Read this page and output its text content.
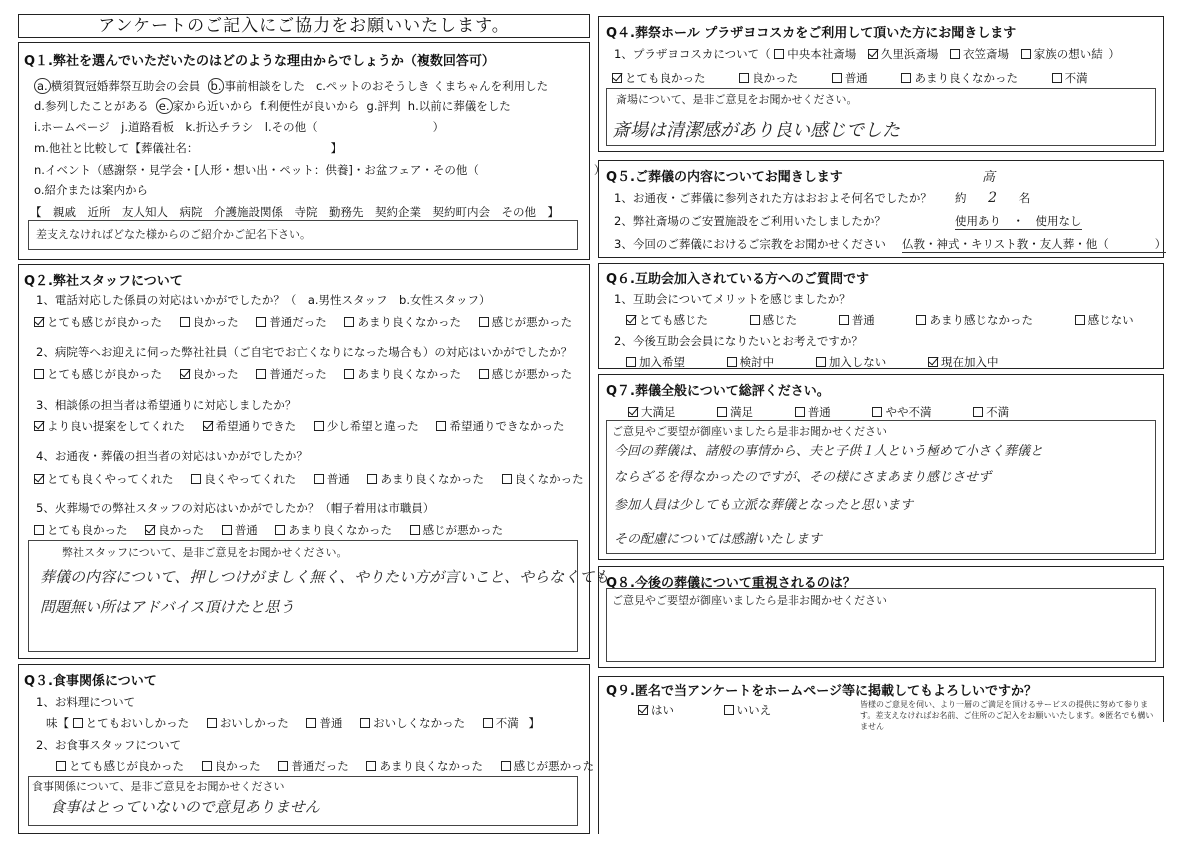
アンケートのご記入にご協力をお願いいたします。
Q１.弊社を選んでいただいたのはどのような理由からでしょうか（複数回答可）
a. 横須賀冠婚葬祭互助会の会員 b. 事前相談をした c.ペットのおそうしき くまちゃんを利用した
d.参列したことがある e. 家から近いから f.利便性が良いから g.評判 h.以前に葬儀をした
i.ホームページ　j.道路看板　k.折込チラシ　l.その他（　　　　　　　　　　）
m.他社と比較して【葬儀社名：　　　　　　　　　　　　】
n.イベント（感謝祭・見学会・[人形・想い出・ペット：供養]・お盆フェア・その他（　　　　　　　　　　）
o.紹介または案内から
【　親戚　近所　友人知人　病院　介護施設関係　寺院　勤務先　契約企業　契約町内会　その他　】
差支えなければどなた様からのご紹介かご記名下さい。
Q２.弊社スタッフについて
1、電話対応した係員の対応はいかがでしたか？（　a.男性スタッフ　b.女性スタッフ）
とても感じが良かった	良かった	普通だった	あまり良くなかった	感じが悪かった
2、病院等へお迎えに伺った弊社社員（ご自宅でお亡くなりになった場合も）の対応はいかがでしたか？
とても感じが良かった	良かった	普通だった	あまり良くなかった	感じが悪かった
3、相談係の担当者は希望通りに対応しましたか？
より良い提案をしてくれた	希望通りできた	少し希望と違った	希望通りできなかった
4、お通夜・葬儀の担当者の対応はいかがでしたか？
とても良くやってくれた	良くやってくれた	普通	あまり良くなかった	良くなかった
5、火葬場での弊社スタッフの対応はいかがでしたか？（帽子着用は市職員）
とても良かった	良かった	普通	あまり良くなかった	感じが悪かった
弊社スタッフについて、是非ご意見をお聞かせください。
葬儀の内容について、押しつけがましく無く、やりたい方が言いこと、やらなくても
問題無い所はアドバイス頂けたと思う
Q３.食事関係について
1、お料理について
味【 とてもおいしかった	おいしかった	普通	おいしくなかった	不満 】
2、お食事スタッフについて
とても感じが良かった	良かった	普通だった	あまり良くなかった	感じが悪かった
食事関係について、是非ご意見をお聞かせください
食事はとっていないので意見ありません
Q４.葬祭ホール プラザヨコスカをご利用して頂いた方にお聞きします
1、プラザヨコスカについて（ 中央本社斎場 久里浜斎場 衣笠斎場 家族の想い結 ）
とても良かった	良かった	普通	あまり良くなかった	不満
斎場について、是非ご意見をお聞かせください。
斎場は清潔感があり良い感じでした
Q５.ご葬儀の内容についてお聞きします
1、お通夜・ご葬儀に参列された方はおおよそ何名でしたか？ 約 2 名
高
2、弊社斎場のご安置施設をご利用いたしましたか？	使用あり　・　使用なし
3、今回のご葬儀におけるご宗教をお聞かせください 仏教・神式・キリスト教・友人葬・他（　　　　）
Q６.互助会加入されている方へのご質問です
1、互助会についてメリットを感じましたか？
とても感じた	感じた	普通	あまり感じなかった	感じない
2、今後互助会会員になりたいとお考えですか？
加入希望	検討中	加入しない	現在加入中
Q７.葬儀全般について総評ください。
大満足	満足	普通	やや不満	不満
ご意見やご要望が御座いましたら是非お聞かせください
今回の葬儀は、諸般の事情から、夫と子供１人という極めて小さく葬儀と
ならざるを得なかったのですが、その様にさまあまり感じさせず
参加人員は少しても立派な葬儀となったと思います
その配慮については感謝いたします
Q８.今後の葬儀について重視されるのは？
ご意見やご要望が御座いましたら是非お聞かせください
Q９.匿名で当アンケートをホームページ等に掲載してもよろしいですか？
はい	いいえ	皆様のご意見を伺い、より一層のご満足を頂けるサービスの提供に努めて参ります。差支えなければお名前、ご住所のご記入をお願いいたします。※匿名でも構いません
